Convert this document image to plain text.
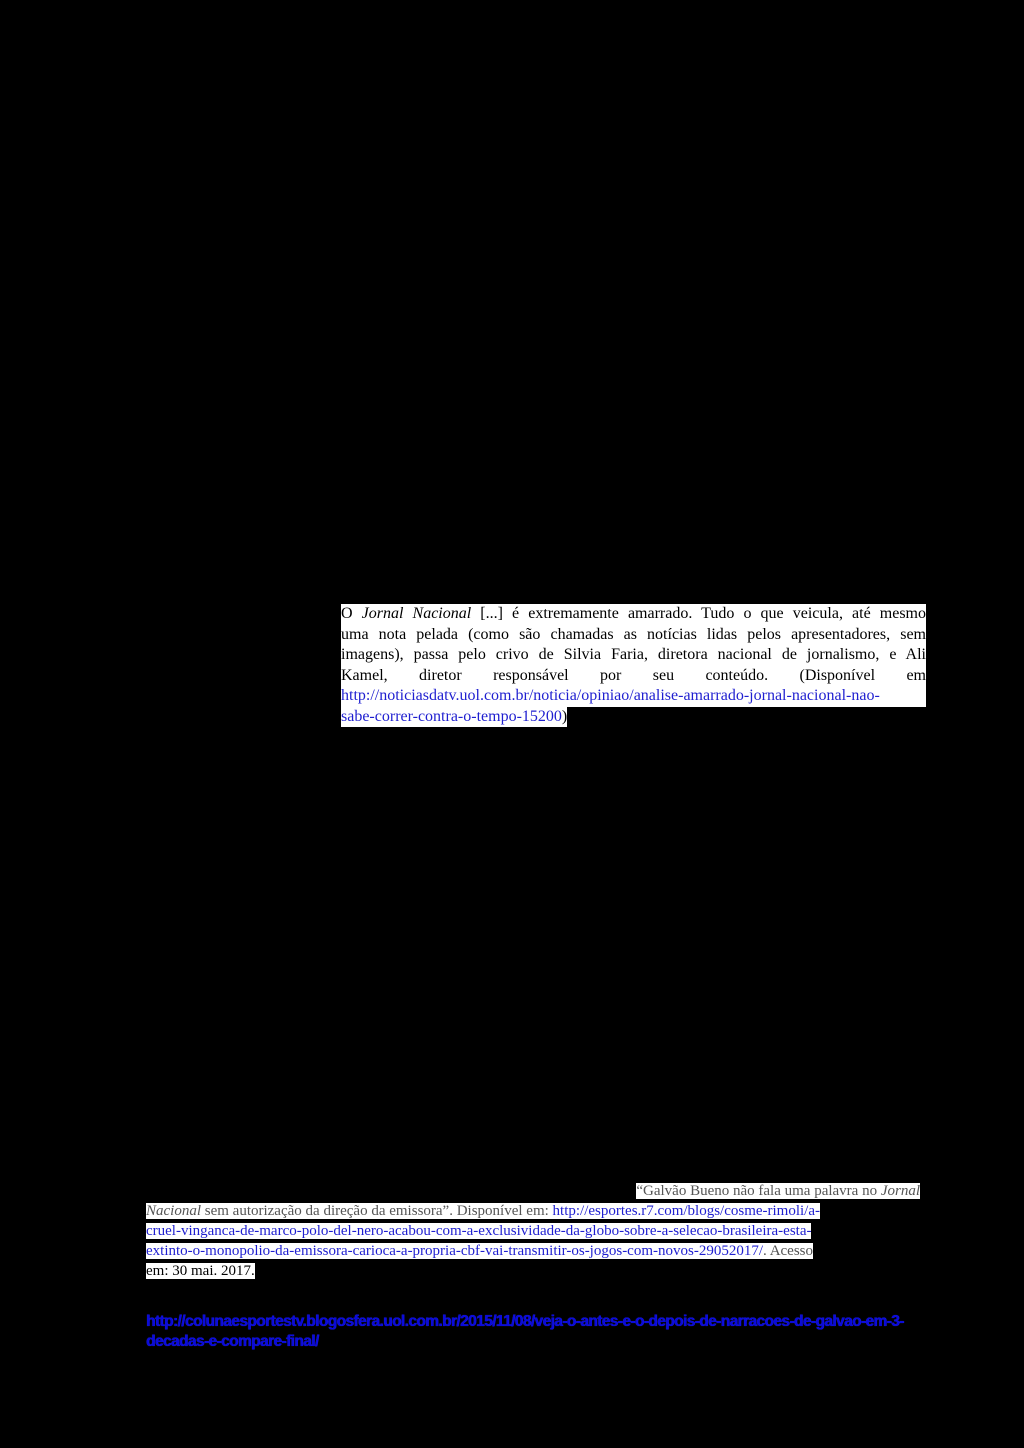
O Jornal Nacional [...] é extremamente amarrado. Tudo o que veicula, até mesmo
uma nota pelada (como são chamadas as notícias lidas pelos apresentadores, sem
imagens), passa pelo crivo de Silvia Faria, diretora nacional de jornalismo, e Ali
Kamel, diretor responsável por seu conteúdo. (Disponível em
http://noticiasdatv.uol.com.br/noticia/opiniao/analise-amarrado-jornal-nacional-nao-
sabe-correr-contra-o-tempo-15200)
“Galvão Bueno não fala uma palavra no Jornal
Nacional sem autorização da direção da emissora”. Disponível em: http://esportes.r7.com/blogs/cosme-rimoli/a-
cruel-vinganca-de-marco-polo-del-nero-acabou-com-a-exclusividade-da-globo-sobre-a-selecao-brasileira-esta-
extinto-o-monopolio-da-emissora-carioca-a-propria-cbf-vai-transmitir-os-jogos-com-novos-29052017/. Acesso
em: 30 mai. 2017.
http://colunaesportestv.blogosfera.uol.com.br/2015/11/08/veja-o-antes-e-o-depois-de-narracoes-de-galvao-em-3-
decadas-e-compare-final/
